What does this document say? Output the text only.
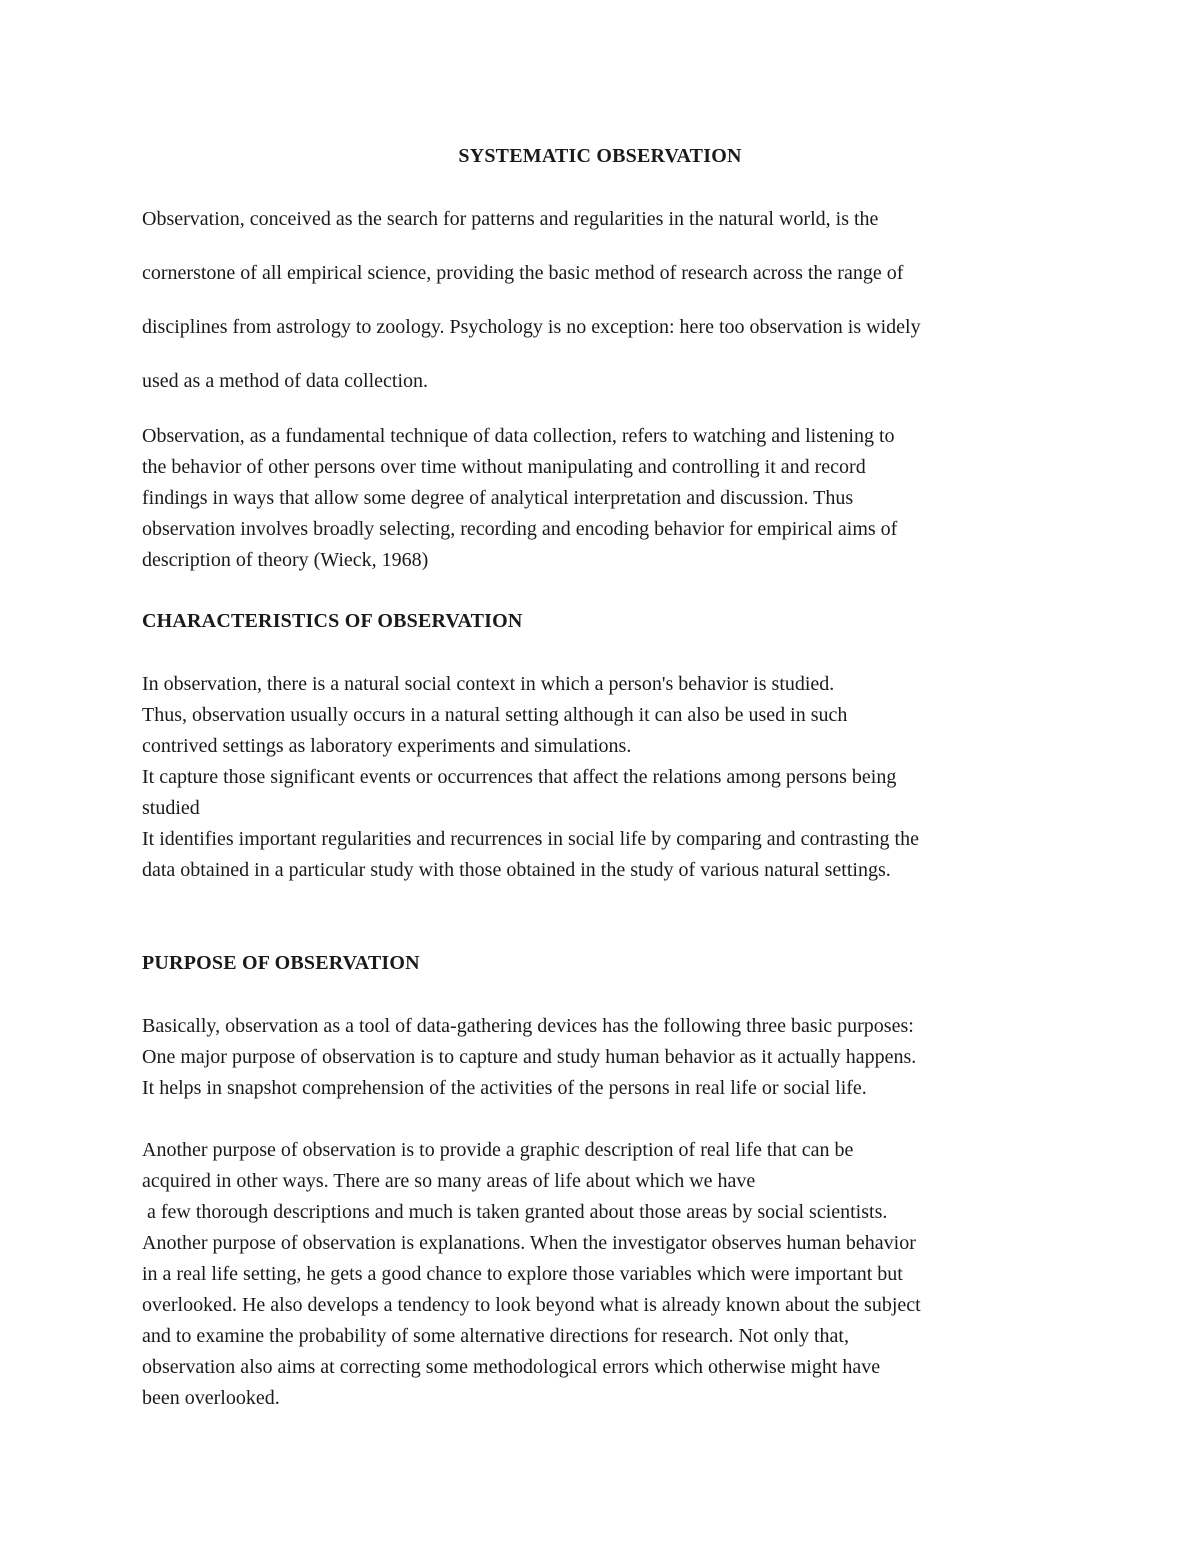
SYSTEMATIC OBSERVATION
Observation, conceived as the search for patterns and regularities in the natural world, is the
cornerstone of all empirical science, providing the basic method of research across the range of
disciplines from astrology to zoology. Psychology is no exception: here too observation is widely
used as a method of data collection.
Observation, as a fundamental technique of data collection, refers to watching and listening to
the behavior of other persons over time without manipulating and controlling it and record
findings in ways that allow some degree of analytical interpretation and discussion. Thus
observation involves broadly selecting, recording and encoding behavior for empirical aims of
description of theory (Wieck, 1968)
CHARACTERISTICS OF OBSERVATION
In observation, there is a natural social context in which a person's behavior is studied.
Thus, observation usually occurs in a natural setting although it can also be used in such
contrived settings as laboratory experiments and simulations.
It capture those significant events or occurrences that affect the relations among persons being
studied
It identifies important regularities and recurrences in social life by comparing and contrasting the
data obtained in a particular study with those obtained in the study of various natural settings.
PURPOSE OF OBSERVATION
Basically, observation as a tool of data-gathering devices has the following three basic purposes:
One major purpose of observation is to capture and study human behavior as it actually happens.
It helps in snapshot comprehension of the activities of the persons in real life or social life.
Another purpose of observation is to provide a graphic description of real life that can be
acquired in other ways. There are so many areas of life about which we have
a few thorough descriptions and much is taken granted about those areas by social scientists.
Another purpose of observation is explanations. When the investigator observes human behavior
in a real life setting, he gets a good chance to explore those variables which were important but
overlooked. He also develops a tendency to look beyond what is already known about the subject
and to examine the probability of some alternative directions for research. Not only that,
observation also aims at correcting some methodological errors which otherwise might have
been overlooked.
